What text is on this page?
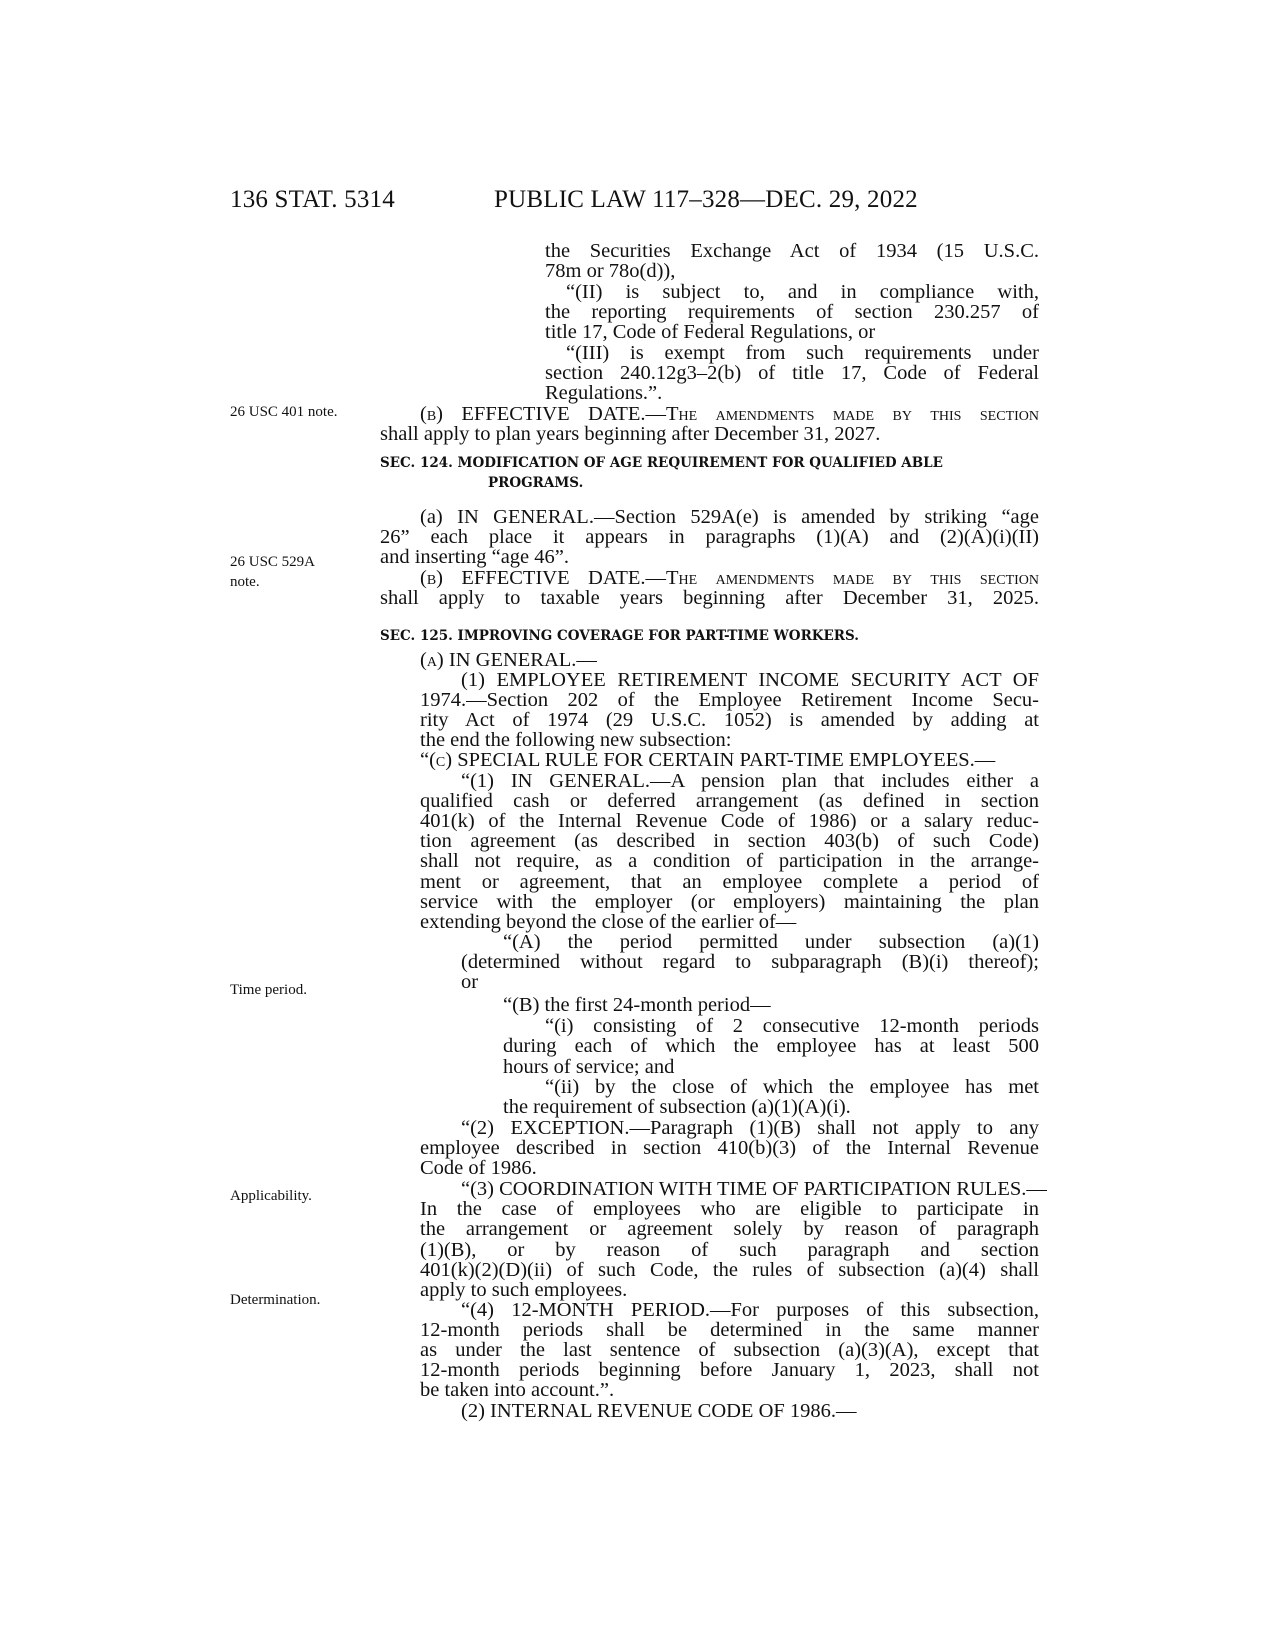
136 STAT. 5314	PUBLIC LAW 117–328—DEC. 29, 2022
26 USC 401 note.
26 USC 529A
note.
Time period.
Applicability.
Determination.
SEC. 124. MODIFICATION OF AGE REQUIREMENT FOR QUALIFIED ABLE
PROGRAMS.
SEC. 125. IMPROVING COVERAGE FOR PART-TIME WORKERS.
the Securities Exchange Act of 1934 (15 U.S.C.
78m or 78o(d)),
“(II) is subject to, and in compliance with,
the reporting requirements of section 230.257 of
title 17, Code of Federal Regulations, or
“(III) is exempt from such requirements under
section 240.12g3–2(b) of title 17, Code of Federal
Regulations.”.
(b) EFFECTIVE DATE.—The amendments made by this section
shall apply to plan years beginning after December 31, 2027.
(a) IN GENERAL.—Section 529A(e) is amended by striking “age
26” each place it appears in paragraphs (1)(A) and (2)(A)(i)(II)
and inserting “age 46”.
(b) EFFECTIVE DATE.—The amendments made by this section
shall apply to taxable years beginning after December 31, 2025.
(a) IN GENERAL.—
(1) EMPLOYEE RETIREMENT INCOME SECURITY ACT OF
1974.—Section 202 of the Employee Retirement Income Secu-
rity Act of 1974 (29 U.S.C. 1052) is amended by adding at
the end the following new subsection:
“(c) SPECIAL RULE FOR CERTAIN PART-TIME EMPLOYEES.—
“(1) IN GENERAL.—A pension plan that includes either a
qualified cash or deferred arrangement (as defined in section
401(k) of the Internal Revenue Code of 1986) or a salary reduc-
tion agreement (as described in section 403(b) of such Code)
shall not require, as a condition of participation in the arrange-
ment or agreement, that an employee complete a period of
service with the employer (or employers) maintaining the plan
extending beyond the close of the earlier of—
“(A) the period permitted under subsection (a)(1)
(determined without regard to subparagraph (B)(i) thereof);
or
“(B) the first 24-month period—
“(i) consisting of 2 consecutive 12-month periods
during each of which the employee has at least 500
hours of service; and
“(ii) by the close of which the employee has met
the requirement of subsection (a)(1)(A)(i).
“(2) EXCEPTION.—Paragraph (1)(B) shall not apply to any
employee described in section 410(b)(3) of the Internal Revenue
Code of 1986.
“(3) COORDINATION WITH TIME OF PARTICIPATION RULES.—
In the case of employees who are eligible to participate in
the arrangement or agreement solely by reason of paragraph
(1)(B), or by reason of such paragraph and section
401(k)(2)(D)(ii) of such Code, the rules of subsection (a)(4) shall
apply to such employees.
“(4) 12-MONTH PERIOD.—For purposes of this subsection,
12-month periods shall be determined in the same manner
as under the last sentence of subsection (a)(3)(A), except that
12-month periods beginning before January 1, 2023, shall not
be taken into account.”.
(2) INTERNAL REVENUE CODE OF 1986.—
